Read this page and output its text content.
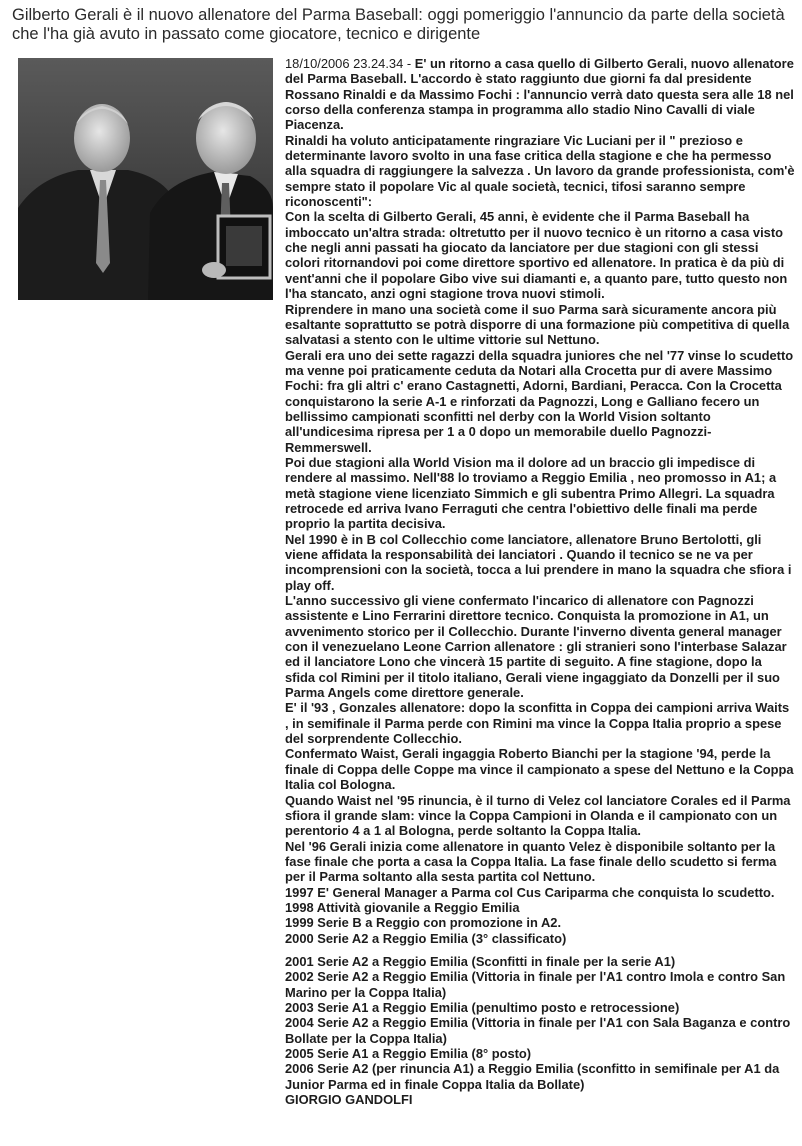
Gilberto Gerali è il nuovo allenatore del Parma Baseball: oggi pomeriggio l'annuncio da parte della società che l'ha già avuto in passato come giocatore, tecnico e dirigente

18/10/2006 23.24.34 - E' un ritorno a casa quello di Gilberto Gerali, nuovo allenatore del Parma Baseball. L'accordo è stato raggiunto due giorni fa dal presidente Rossano Rinaldi e da Massimo Fochi : l'annuncio verrà dato questa sera alle 18 nel corso della conferenza stampa in programma allo stadio Nino Cavalli di viale Piacenza.

Rinaldi ha voluto anticipatamente ringraziare Vic Luciani per il " prezioso e determinante lavoro svolto in una fase critica della stagione e che ha permesso alla squadra di raggiungere la salvezza . Un lavoro da grande professionista, com'è sempre stato il popolare Vic al quale società, tecnici, tifosi saranno sempre riconoscenti":

Con la scelta di Gilberto Gerali, 45 anni, è evidente che il Parma Baseball ha imboccato un'altra strada: oltretutto per il nuovo tecnico è un ritorno a casa visto che negli anni passati ha giocato da lanciatore per due stagioni con gli stessi colori ritornandovi poi come direttore sportivo ed allenatore. In pratica è da più di vent'anni che il popolare Gibo vive sui diamanti e, a quanto pare, tutto questo non l'ha stancato, anzi ogni stagione trova nuovi stimoli.

Riprendere in mano una società come il suo Parma sarà sicuramente ancora più esaltante soprattutto se potrà disporre di una formazione più competitiva di quella salvatasi a stento con le ultime vittorie sul Nettuno.

Gerali era uno dei sette ragazzi della squadra juniores che nel '77 vinse lo scudetto ma venne poi praticamente ceduta da Notari alla Crocetta pur di avere Massimo Fochi: fra gli altri c' erano Castagnetti, Adorni, Bardiani, Peracca. Con la Crocetta conquistarono la serie A-1 e rinforzati da Pagnozzi, Long e Galliano fecero un bellissimo campionati sconfitti nel derby con la World Vision soltanto all'undicesima ripresa per 1 a 0 dopo un memorabile duello Pagnozzi-Remmerswell.

Poi due stagioni alla World Vision ma il dolore ad un braccio gli impedisce di rendere al massimo. Nell'88 lo troviamo a Reggio Emilia , neo promosso in A1; a metà stagione viene licenziato Simmich e gli subentra Primo Allegri. La squadra retrocede ed arriva Ivano Ferraguti che centra l'obiettivo delle finali ma perde proprio la partita decisiva.

Nel 1990 è in B col Collecchio come lanciatore, allenatore Bruno Bertolotti, gli viene affidata la responsabilità dei lanciatori . Quando il tecnico se ne va per incomprensioni con la società, tocca a lui prendere in mano la squadra che sfiora i play off.

L'anno successivo gli viene confermato l'incarico di allenatore con Pagnozzi assistente e Lino Ferrarini direttore tecnico. Conquista la promozione in A1, un avvenimento storico per il Collecchio. Durante l'inverno diventa general manager con il venezuelano Leone Carrion allenatore : gli stranieri sono l'interbase Salazar ed il lanciatore Lono che vincerà 15 partite di seguito. A fine stagione, dopo la sfida col Rimini per il titolo italiano, Gerali viene ingaggiato da Donzelli per il suo Parma Angels come direttore generale.

E' il '93 , Gonzales allenatore: dopo la sconfitta in Coppa dei campioni arriva Waits , in semifinale il Parma perde con Rimini ma vince la Coppa Italia proprio a spese del sorprendente Collecchio.

Confermato Waist, Gerali ingaggia Roberto Bianchi per la stagione '94, perde la finale di Coppa delle Coppe ma vince il campionato a spese del Nettuno e la Coppa Italia col Bologna.

Quando Waist nel '95 rinuncia, è il turno di Velez col lanciatore Corales ed il Parma sfiora il grande slam: vince la Coppa Campioni in Olanda e il campionato con un perentorio 4 a 1 al Bologna, perde soltanto la Coppa Italia.

Nel '96 Gerali inizia come allenatore in quanto Velez è disponibile soltanto per la fase finale che porta a casa la Coppa Italia. La fase finale dello scudetto si ferma per il Parma soltanto alla sesta partita col Nettuno.

1997 E' General Manager a Parma col Cus Cariparma che conquista lo scudetto.

1998 Attività giovanile a Reggio Emilia

1999 Serie B a Reggio con promozione in A2.

2000 Serie A2 a Reggio Emilia (3° classificato)

2001 Serie A2 a Reggio Emilia (Sconfitti in finale per la serie A1)

2002 Serie A2 a Reggio Emilia (Vittoria in finale per l'A1 contro Imola e contro San Marino per la Coppa Italia)

2003 Serie A1 a Reggio Emilia (penultimo posto e retrocessione)

2004 Serie A2 a Reggio Emilia (Vittoria in finale per l'A1 con Sala Baganza e contro Bollate per la Coppa Italia)

2005 Serie A1 a Reggio Emilia (8° posto)

2006 Serie A2 (per rinuncia A1) a Reggio Emilia (sconfitto in semifinale per A1 da Junior Parma ed in finale Coppa Italia da Bollate)

GIORGIO GANDOLFI
